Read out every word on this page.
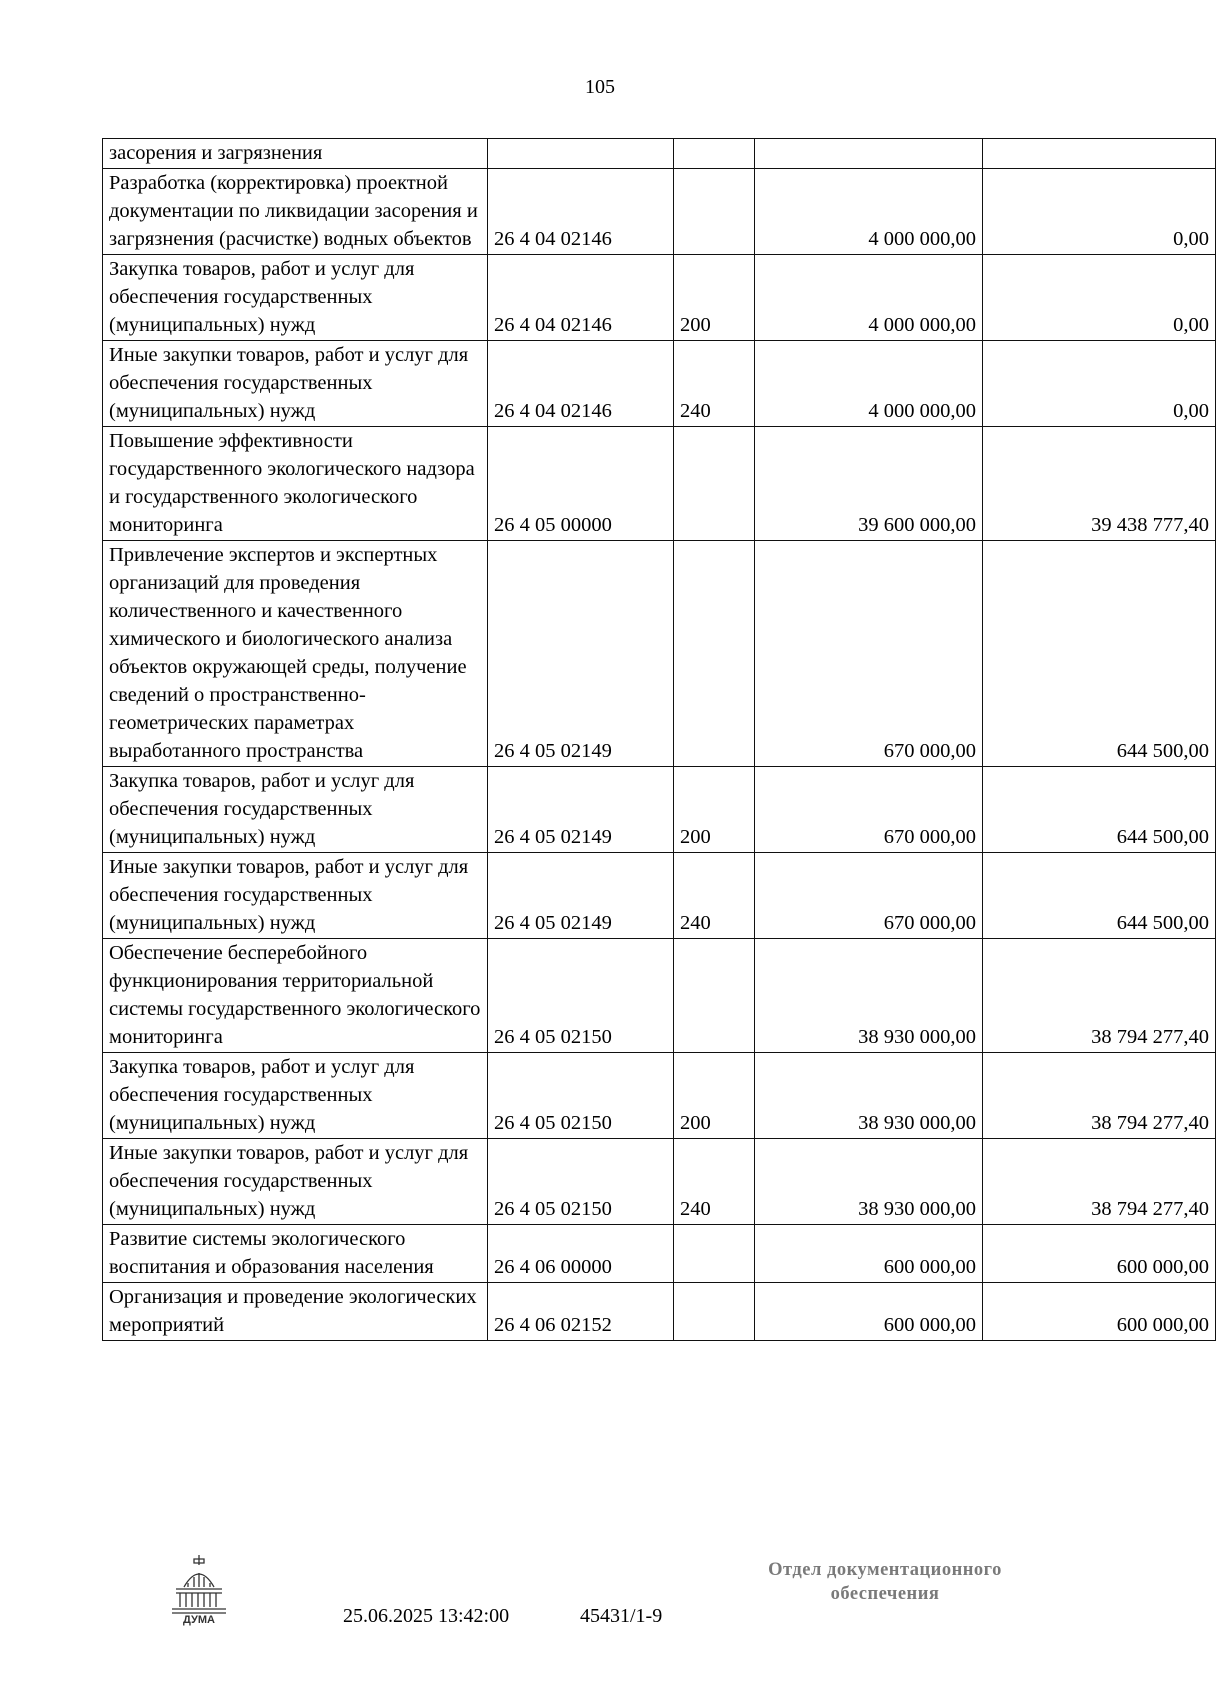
105
засорения и загрязнения				
Разработка (корректировка) проектной документации по ликвидации засорения и загрязнения (расчистке) водных объектов	26 4 04 02146		4 000 000,00	0,00
Закупка товаров, работ и услуг для обеспечения государственных (муниципальных) нужд	26 4 04 02146	200	4 000 000,00	0,00
Иные закупки товаров, работ и услуг для обеспечения государственных (муниципальных) нужд	26 4 04 02146	240	4 000 000,00	0,00
Повышение эффективности государственного экологического надзора и государственного экологического мониторинга	26 4 05 00000		39 600 000,00	39 438 777,40
Привлечение экспертов и экспертных организаций для проведения количественного и качественного химического и биологического анализа объектов окружающей среды, получение сведений о пространственно-геометрических параметрах выработанного пространства	26 4 05 02149		670 000,00	644 500,00
Закупка товаров, работ и услуг для обеспечения государственных (муниципальных) нужд	26 4 05 02149	200	670 000,00	644 500,00
Иные закупки товаров, работ и услуг для обеспечения государственных (муниципальных) нужд	26 4 05 02149	240	670 000,00	644 500,00
Обеспечение бесперебойного функционирования территориальной системы государственного экологического мониторинга	26 4 05 02150		38 930 000,00	38 794 277,40
Закупка товаров, работ и услуг для обеспечения государственных (муниципальных) нужд	26 4 05 02150	200	38 930 000,00	38 794 277,40
Иные закупки товаров, работ и услуг для обеспечения государственных (муниципальных) нужд	26 4 05 02150	240	38 930 000,00	38 794 277,40
Развитие системы экологического воспитания и образования населения	26 4 06 00000		600 000,00	600 000,00
Организация и проведение экологических мероприятий	26 4 06 02152		600 000,00	600 000,00
ДУМА	25.06.2025 13:42:00	45431/1-9
Отдел документационного
обеспечения
